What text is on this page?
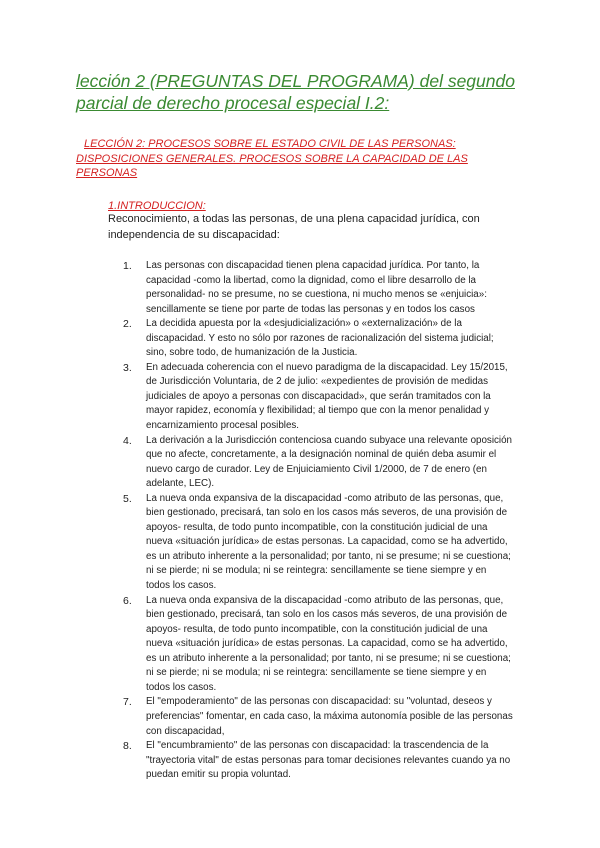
lección 2 (PREGUNTAS DEL PROGRAMA) del segundo parcial de derecho procesal especial I.2:
LECCIÓN 2: PROCESOS SOBRE EL ESTADO CIVIL DE LAS PERSONAS: DISPOSICIONES GENERALES. PROCESOS SOBRE LA CAPACIDAD DE LAS PERSONAS
1.INTRODUCCION:

Reconocimiento, a todas las personas, de una plena capacidad jurídica, con independencia de su discapacidad:

1. Las personas con discapacidad tienen plena capacidad jurídica. Por tanto, la capacidad -como la libertad, como la dignidad, como el libre desarrollo de la personalidad- no se presume, no se cuestiona, ni mucho menos se «enjuicia»: sencillamente se tiene por parte de todas las personas y en todos los casos
2. La decidida apuesta por la «desjudicialización» o «externalización» de la discapacidad. Y esto no sólo por razones de racionalización del sistema judicial; sino, sobre todo, de humanización de la Justicia.
3. En adecuada coherencia con el nuevo paradigma de la discapacidad. Ley 15/2015, de Jurisdicción Voluntaria, de 2 de julio: «expedientes de provisión de medidas judiciales de apoyo a personas con discapacidad», que serán tramitados con la mayor rapidez, economía y flexibilidad; al tiempo que con la menor penalidad y encarnizamiento procesal posibles.
4. La derivación a la Jurisdicción contenciosa cuando subyace una relevante oposición que no afecte, concretamente, a la designación nominal de quién deba asumir el nuevo cargo de curador. Ley de Enjuiciamiento Civil 1/2000, de 7 de enero (en adelante, LEC).
5. La nueva onda expansiva de la discapacidad -como atributo de las personas, que, bien gestionado, precisará, tan solo en los casos más severos, de una provisión de apoyos- resulta, de todo punto incompatible, con la constitución judicial de una nueva «situación jurídica» de estas personas. La capacidad, como se ha advertido, es un atributo inherente a la personalidad; por tanto, ni se presume; ni se cuestiona; ni se pierde; ni se modula; ni se reintegra: sencillamente se tiene siempre y en todos los casos.
6. La nueva onda expansiva de la discapacidad -como atributo de las personas, que, bien gestionado, precisará, tan solo en los casos más severos, de una provisión de apoyos- resulta, de todo punto incompatible, con la constitución judicial de una nueva «situación jurídica» de estas personas. La capacidad, como se ha advertido, es un atributo inherente a la personalidad; por tanto, ni se presume; ni se cuestiona; ni se pierde; ni se modula; ni se reintegra: sencillamente se tiene siempre y en todos los casos.
7. El "empoderamiento" de las personas con discapacidad: su "voluntad, deseos y preferencias" fomentar, en cada caso, la máxima autonomía posible de las personas con discapacidad,
8. El "encumbramiento" de las personas con discapacidad: la trascendencia de la "trayectoria vital" de estas personas para tomar decisiones relevantes cuando ya no puedan emitir su propia voluntad.
